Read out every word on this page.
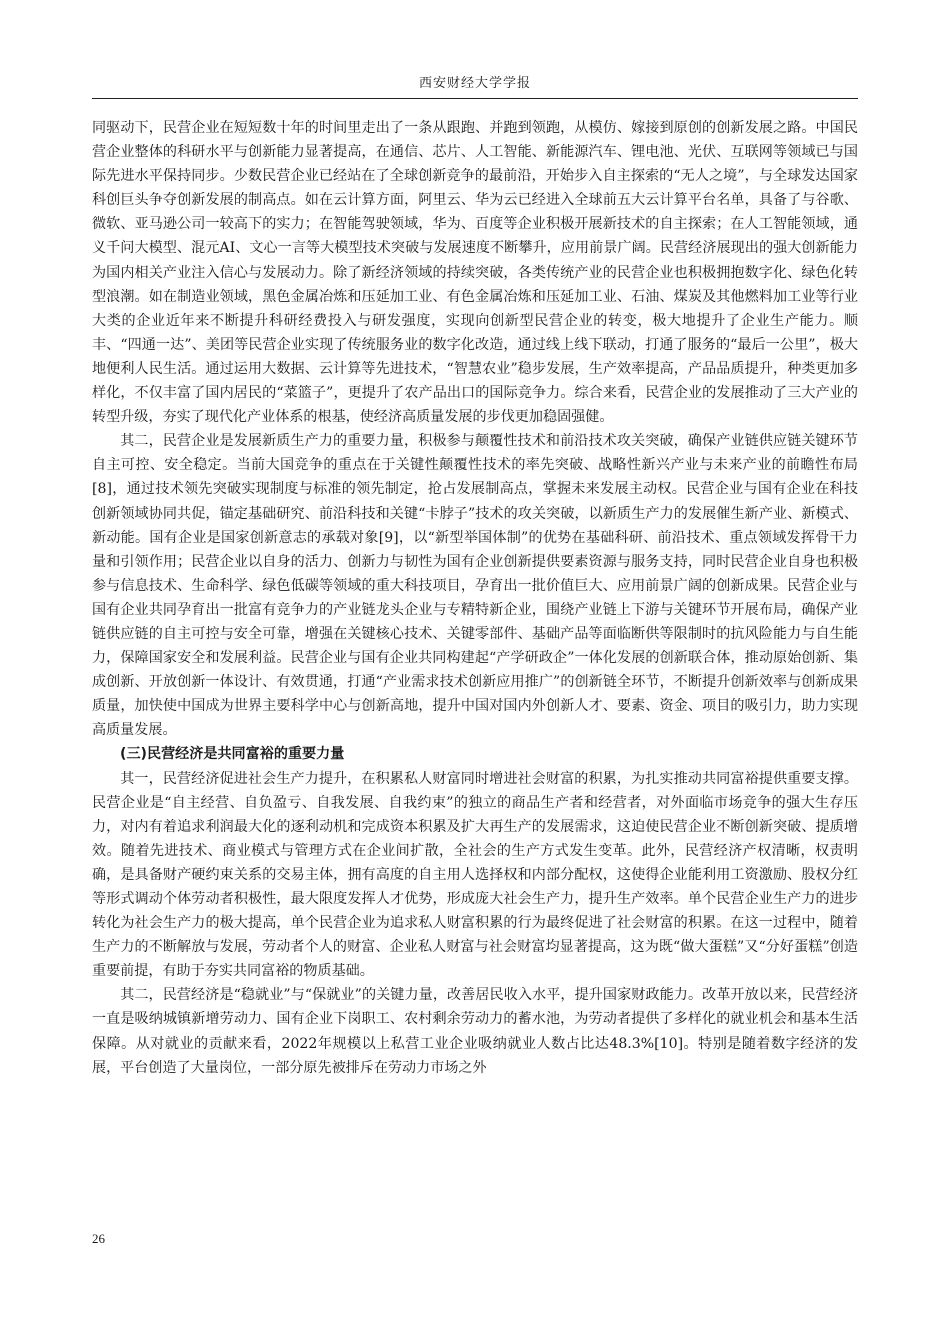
西安财经大学学报

同驱动下，民营企业在短短数十年的时间里走出了一条从跟跑、并跑到领跑，从模仿、嫁接到原创的创新发展之路。中国民营企业整体的科研水平与创新能力显著提高，在通信、芯片、人工智能、新能源汽车、锂电池、光伏、互联网等领域已与国际先进水平保持同步。少数民营企业已经站在了全球创新竞争的最前沿，开始步入自主探索的“无人之境”，与全球发达国家科创巨头争夺创新发展的制高点。如在云计算方面，阿里云、华为云已经进入全球前五大云计算平台名单，具备了与谷歌、微软、亚马逊公司一较高下的实力；在智能驾驶领域，华为、百度等企业积极开展新技术的自主探索；在人工智能领域，通义千问大模型、混元AI、文心一言等大模型技术突破与发展速度不断攀升，应用前景广阔。民营经济展现出的强大创新能力为国内相关产业注入信心与发展动力。除了新经济领域的持续突破，各类传统产业的民营企业也积极拥抱数字化、绿色化转型浪潮。如在制造业领域，黑色金属冶炼和压延加工业、有色金属冶炼和压延加工业、石油、煤炭及其他燃料加工业等行业大类的企业近年来不断提升科研经费投入与研发强度，实现向创新型民营企业的转变，极大地提升了企业生产能力。顺丰、“四通一达”、美团等民营企业实现了传统服务业的数字化改造，通过线上线下联动，打通了服务的“最后一公里”，极大地便利人民生活。通过运用大数据、云计算等先进技术，“智慧农业”稳步发展，生产效率提高，产品品质提升，种类更加多样化，不仅丰富了国内居民的“菜篮子”，更提升了农产品出口的国际竞争力。综合来看，民营企业的发展推动了三大产业的转型升级，夯实了现代化产业体系的根基，使经济高质量发展的步伐更加稳固强健。

其二，民营企业是发展新质生产力的重要力量，积极参与颠覆性技术和前沿技术攻关突破，确保产业链供应链关键环节自主可控、安全稳定。当前大国竞争的重点在于关键性颠覆性技术的率先突破、战略性新兴产业与未来产业的前瞻性布局[8]，通过技术领先突破实现制度与标准的领先制定，抢占发展制高点，掌握未来发展主动权。民营企业与国有企业在科技创新领域协同共促，锚定基础研究、前沿科技和关键“卡脖子”技术的攻关突破，以新质生产力的发展催生新产业、新模式、新动能。国有企业是国家创新意志的承载对象[9]，以“新型举国体制”的优势在基础科研、前沿技术、重点领域发挥骨干力量和引领作用；民营企业以自身的活力、创新力与韧性为国有企业创新提供要素资源与服务支持，同时民营企业自身也积极参与信息技术、生命科学、绿色低碳等领域的重大科技项目，孕育出一批价值巨大、应用前景广阔的创新成果。民营企业与国有企业共同孕育出一批富有竞争力的产业链龙头企业与专精特新企业，围绕产业链上下游与关键环节开展布局，确保产业链供应链的自主可控与安全可靠，增强在关键核心技术、关键零部件、基础产品等面临断供等限制时的抗风险能力与自生能力，保障国家安全和发展利益。民营企业与国有企业共同构建起“产学研政企”一体化发展的创新联合体，推动原始创新、集成创新、开放创新一体设计、有效贯通，打通“产业需求技术创新应用推广”的创新链全环节，不断提升创新效率与创新成果质量，加快使中国成为世界主要科学中心与创新高地，提升中国对国内外创新人才、要素、资金、项目的吸引力，助力实现高质量发展。

(三)民营经济是共同富裕的重要力量

其一，民营经济促进社会生产力提升，在积累私人财富同时增进社会财富的积累，为扎实推动共同富裕提供重要支撑。民营企业是“自主经营、自负盈亏、自我发展、自我约束”的独立的商品生产者和经营者，对外面临市场竞争的强大生存压力，对内有着追求利润最大化的逐利动机和完成资本积累及扩大再生产的发展需求，这迫使民营企业不断创新突破、提质增效。随着先进技术、商业模式与管理方式在企业间扩散，全社会的生产方式发生变革。此外，民营经济产权清晰，权责明确，是具备财产硬约束关系的交易主体，拥有高度的自主用人选择权和内部分配权，这使得企业能利用工资激励、股权分红等形式调动个体劳动者积极性，最大限度发挥人才优势，形成庞大社会生产力，提升生产效率。单个民营企业生产力的进步转化为社会生产力的极大提高，单个民营企业为追求私人财富积累的行为最终促进了社会财富的积累。在这一过程中，随着生产力的不断解放与发展，劳动者个人的财富、企业私人财富与社会财富均显著提高，这为既“做大蛋糕”又“分好蛋糕”创造重要前提，有助于夯实共同富裕的物质基础。

其二，民营经济是“稳就业”与“保就业”的关键力量，改善居民收入水平，提升国家财政能力。改革开放以来，民营经济一直是吸纳城镇新增劳动力、国有企业下岗职工、农村剩余劳动力的蓄水池，为劳动者提供了多样化的就业机会和基本生活保障。从对就业的贡献来看，2022年规模以上私营工业企业吸纳就业人数占比达48.3%[10]。特别是随着数字经济的发展，平台创造了大量岗位，一部分原先被排斥在劳动力市场之外

26
